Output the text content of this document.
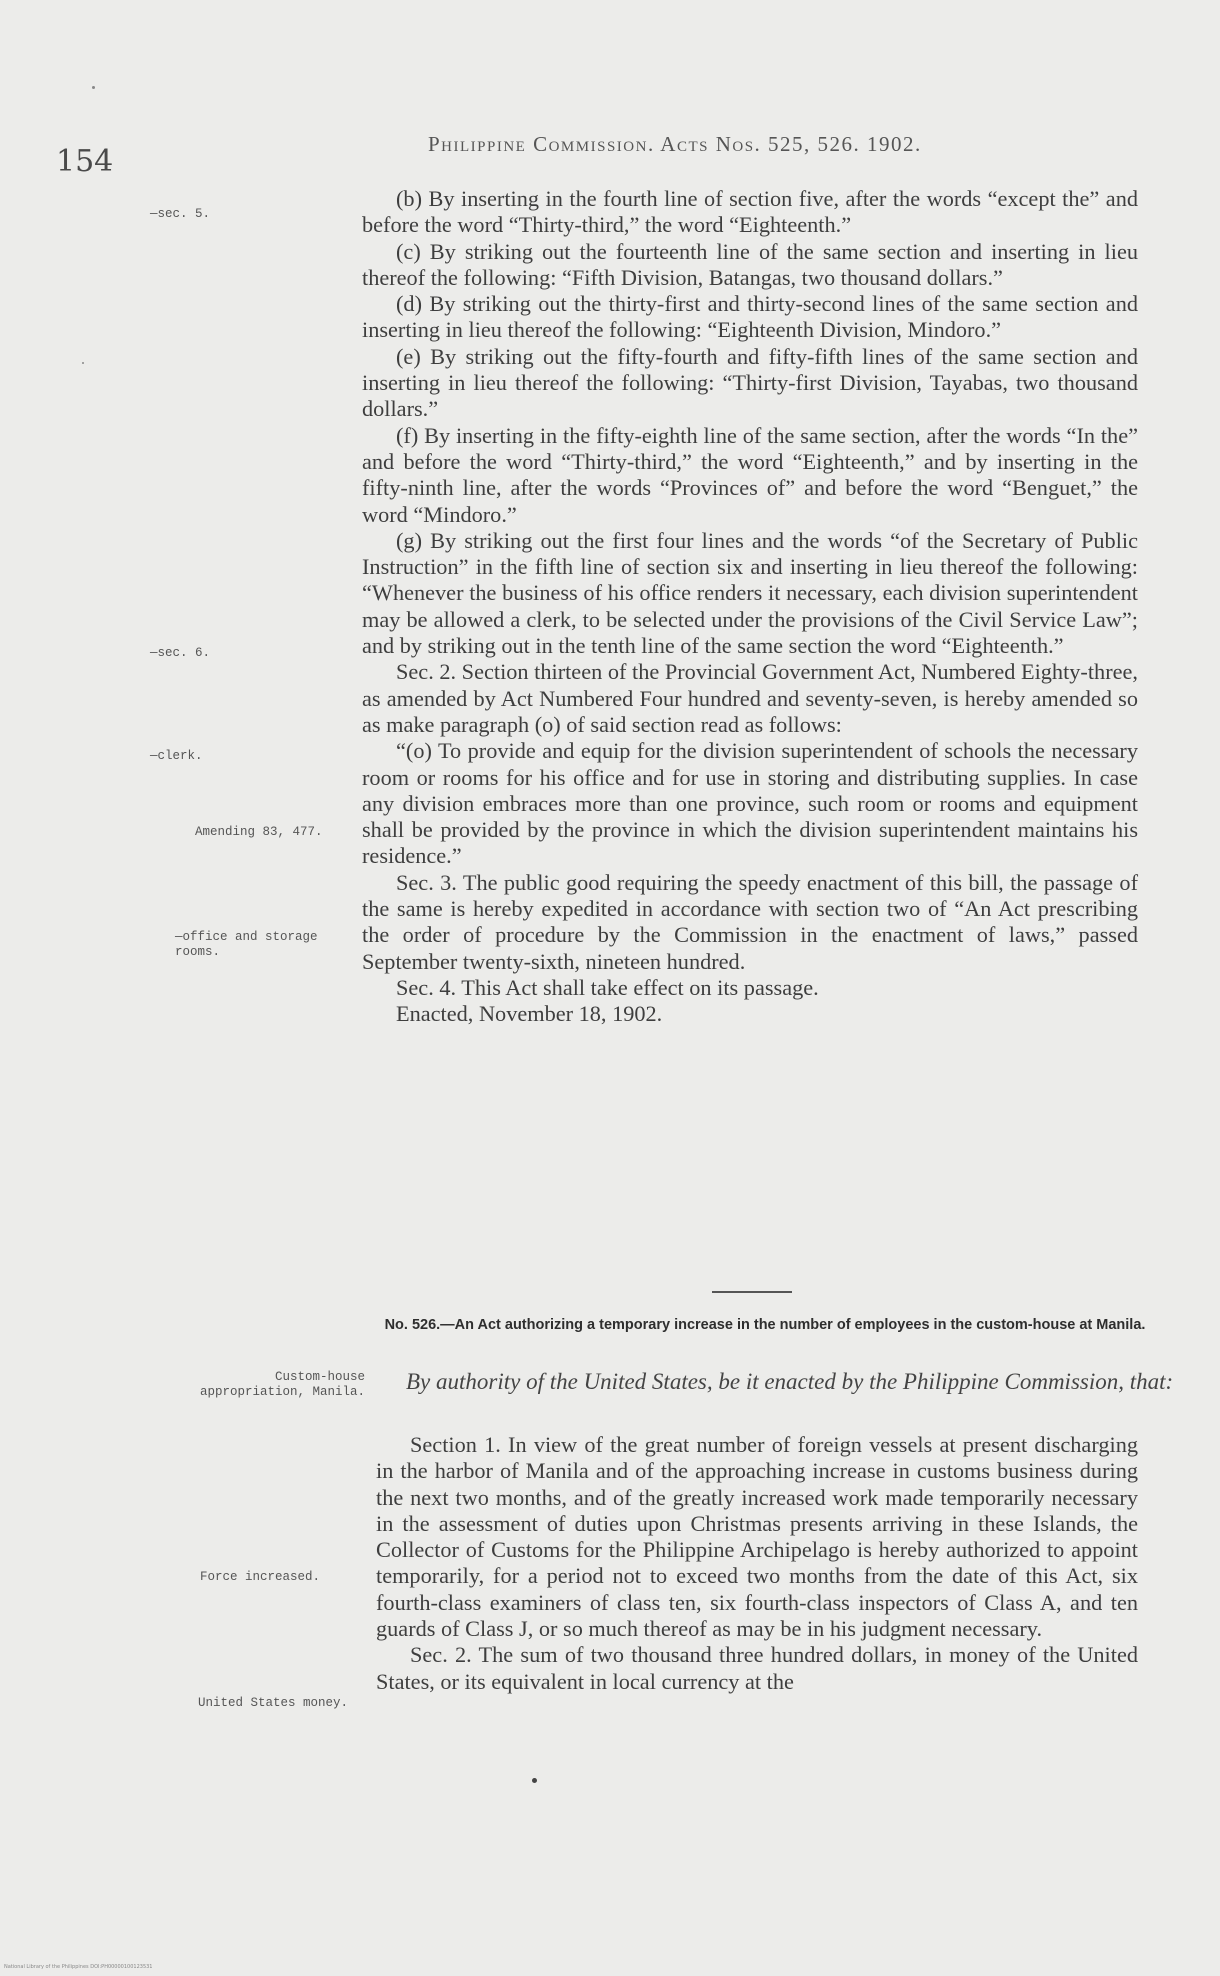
154	Philippine Commission. Acts Nos. 525, 526. 1902.
—sec. 5.
—sec. 6.
—clerk.
Amending 83, 477.
—office and storage rooms.
Custom-house appropriation, Manila.
Force increased.
United States money.

(b) By inserting in the fourth line of section five, after the words “except the” and before the word “Thirty-third,” the word “Eighteenth.”

(c) By striking out the fourteenth line of the same section and inserting in lieu thereof the following: “Fifth Division, Batangas, two thousand dollars.”

(d) By striking out the thirty-first and thirty-second lines of the same section and inserting in lieu thereof the following: “Eighteenth Division, Mindoro.”

(e) By striking out the fifty-fourth and fifty-fifth lines of the same section and inserting in lieu thereof the following: “Thirty-first Division, Tayabas, two thousand dollars.”

(f) By inserting in the fifty-eighth line of the same section, after the words “In the” and before the word “Thirty-third,” the word “Eighteenth,” and by inserting in the fifty-ninth line, after the words “Provinces of” and before the word “Benguet,” the word “Mindoro.”

(g) By striking out the first four lines and the words “of the Secretary of Public Instruction” in the fifth line of section six and inserting in lieu thereof the following: “Whenever the business of his office renders it necessary, each division superintendent may be allowed a clerk, to be selected under the provisions of the Civil Service Law”; and by striking out in the tenth line of the same section the word “Eighteenth.”

Sec. 2. Section thirteen of the Provincial Government Act, Numbered Eighty-three, as amended by Act Numbered Four hundred and seventy-seven, is hereby amended so as make paragraph (o) of said section read as follows:

“(o) To provide and equip for the division superintendent of schools the necessary room or rooms for his office and for use in storing and distributing supplies. In case any division embraces more than one province, such room or rooms and equipment shall be provided by the province in which the division superintendent maintains his residence.”

Sec. 3. The public good requiring the speedy enactment of this bill, the passage of the same is hereby expedited in accordance with section two of “An Act prescribing the order of procedure by the Commission in the enactment of laws,” passed September twenty-sixth, nineteen hundred.

Sec. 4. This Act shall take effect on its passage.

Enacted, November 18, 1902.

No. 526.—An Act authorizing a temporary increase in the number of employees in the custom-house at Manila.
By authority of the United States, be it enacted by the Philippine Commission, that:

Section 1. In view of the great number of foreign vessels at present discharging in the harbor of Manila and of the approaching increase in customs business during the next two months, and of the greatly increased work made temporarily necessary in the assessment of duties upon Christmas presents arriving in these Islands, the Collector of Customs for the Philippine Archipelago is hereby authorized to appoint temporarily, for a period not to exceed two months from the date of this Act, six fourth-class examiners of class ten, six fourth-class inspectors of Class A, and ten guards of Class J, or so much thereof as may be in his judgment necessary.

Sec. 2. The sum of two thousand three hundred dollars, in money of the United States, or its equivalent in local currency at the

National Library of the Philippines DOI:PH00000100123531
